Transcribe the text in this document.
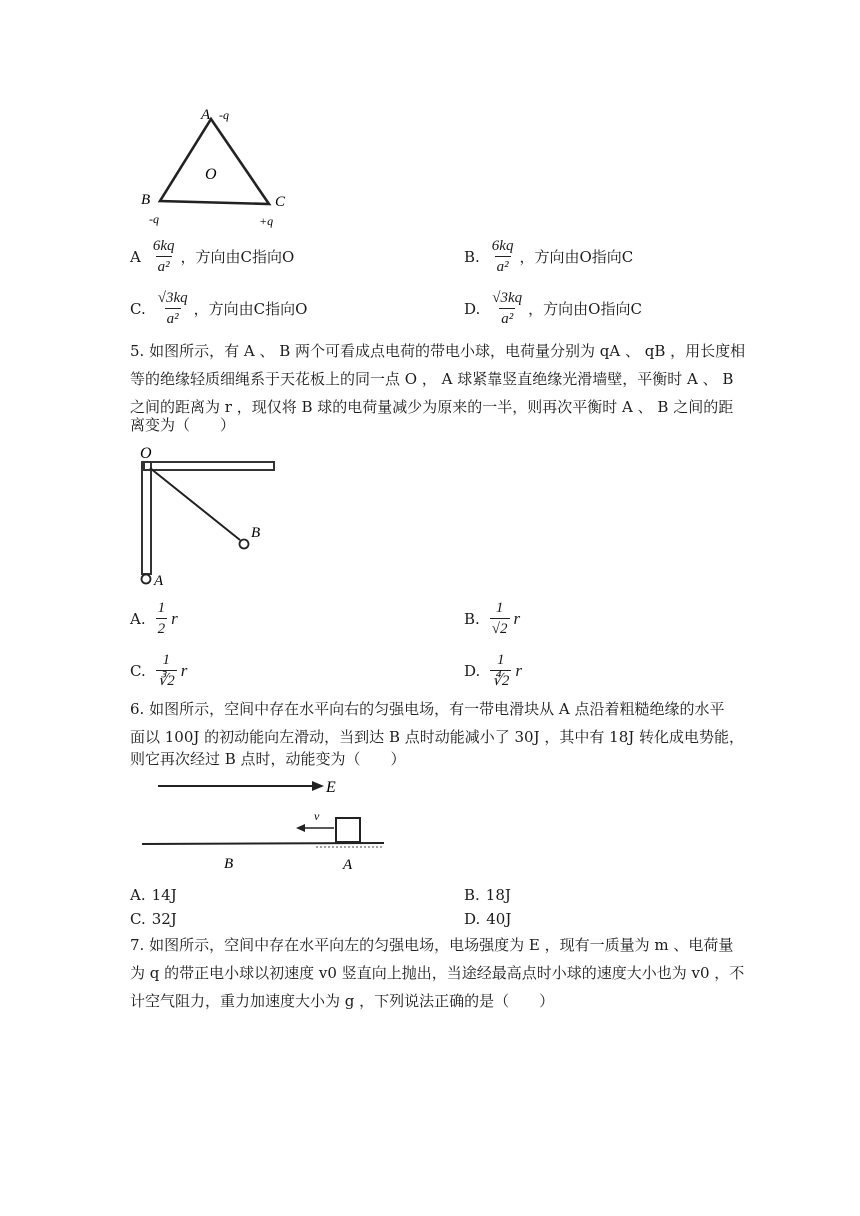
A -q
O
B
-q
C
+q
A $\frac{6kq}{\text{a²}}$ ，方向由C指向O	B. $\frac{6kq}{\text{a²}}$ ，方向由O指向C
C. $\frac{√3kq}{\text{a²}}$ ，方向由C指向O	D. $\frac{√3kq}{\text{a²}}$ ，方向由O指向C
5. 如图所示，有 A 、 B 两个可看成点电荷的带电小球，电荷量分别为 qA 、 qB ，用长度相
等的绝缘轻质细绳系于天花板上的同一点 O ， A 球紧靠竖直绝缘光滑墙壁，平衡时 A 、 B
之间的距离为 r ，现仅将 B 球的电荷量减少为原来的一半，则再次平衡时 A 、 B 之间的距
离变为（　　）
O
B
A
A. $\frac{1}{2}$ r	B. $\frac{1}{√2}$ r
C. $\frac{1}{∛2}$ r	D. $\frac{1}{∜2}$ r
6. 如图所示，空间中存在水平向右的匀强电场，有一带电滑块从 A 点沿着粗糙绝缘的水平
面以 100J 的初动能向左滑动，当到达 B 点时动能减小了 30J ，其中有 18J 转化成电势能，
则它再次经过 B 点时，动能变为（　　）
E
v
B	A
A. 14J	B. 18J
C. 32J	D. 40J
7. 如图所示，空间中存在水平向左的匀强电场，电场强度为 E ，现有一质量为 m 、电荷量
为 q 的带正电小球以初速度 v0 竖直向上抛出，当途经最高点时小球的速度大小也为 v0 ，不
计空气阻力，重力加速度大小为 g ，下列说法正确的是（　　）
